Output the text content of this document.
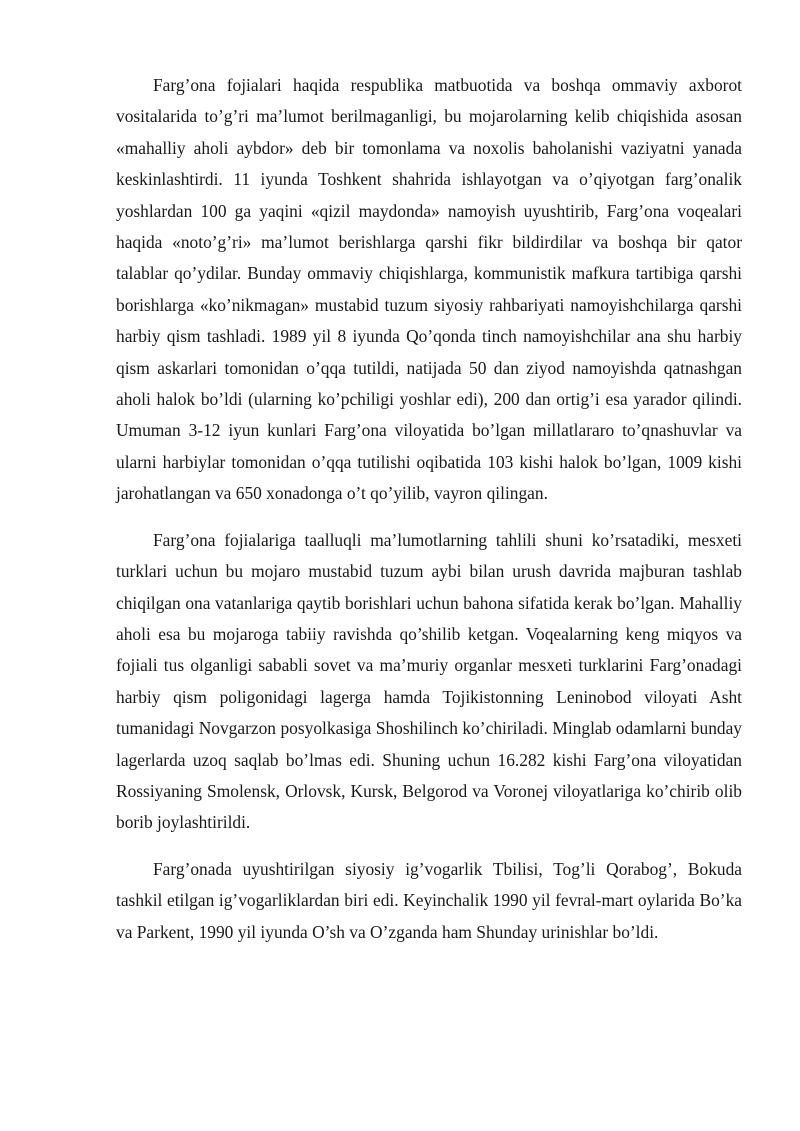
Farg’ona fojialari haqida respublika matbuotida va boshqa ommaviy axborot vositalarida to’g’ri ma’lumot berilmaganligi, bu mojarolarning kelib chiqishida asosan «mahalliy aholi aybdor» deb bir tomonlama va noxolis baholanishi vaziyatni yanada keskinlashtirdi. 11 iyunda Toshkent shahrida ishlayotgan va o’qiyotgan farg’onalik yoshlardan 100 ga yaqini «qizil maydonda» namoyish uyushtirib, Farg’ona voqealari haqida «noto’g’ri» ma’lumot berishlarga qarshi fikr bildirdilar va boshqa bir qator talablar qo’ydilar. Bunday ommaviy chiqishlarga, kommunistik mafkura tartibiga qarshi borishlarga «ko’nikmagan» mustabid tuzum siyosiy rahbariyati namoyishchilarga qarshi harbiy qism tashladi. 1989 yil 8 iyunda Qo’qonda tinch namoyishchilar ana shu harbiy qism askarlari tomonidan o’qqa tutildi, natijada 50 dan ziyod namoyishda qatnashgan aholi halok bo’ldi (ularning ko’pchiligi yoshlar edi), 200 dan ortig’i esa yarador qilindi. Umuman 3-12 iyun kunlari Farg’ona viloyatida bo’lgan millatlararo to’qnashuvlar va ularni harbiylar tomonidan o’qqa tutilishi oqibatida 103 kishi halok bo’lgan, 1009 kishi jarohatlangan va 650 xonadonga o’t qo’yilib, vayron qilingan.

Farg’ona fojialariga taalluqli ma’lumotlarning tahlili shuni ko’rsatadiki, mesxeti turklari uchun bu mojaro mustabid tuzum aybi bilan urush davrida majburan tashlab chiqilgan ona vatanlariga qaytib borishlari uchun bahona sifatida kerak bo’lgan. Mahalliy aholi esa bu mojaroga tabiiy ravishda qo’shilib ketgan. Voqealarning keng miqyos va fojiali tus olganligi sababli sovet va ma’muriy organlar mesxeti turklarini Farg’onadagi harbiy qism poligonidagi lagerga hamda Tojikistonning Leninobod viloyati Asht tumanidagi Novgarzon posyolkasiga Shoshilinch ko’chiriladi. Minglab odamlarni bunday lagerlarda uzoq saqlab bo’lmas edi. Shuning uchun 16.282 kishi Farg’ona viloyatidan Rossiyaning Smolensk, Orlovsk, Kursk, Belgorod va Voronej viloyatlariga ko’chirib olib borib joylashtirildi.

Farg’onada uyushtirilgan siyosiy ig’vogarlik Tbilisi, Tog’li Qorabog’, Bokuda tashkil etilgan ig’vogarliklardan biri edi. Keyinchalik 1990 yil fevral-mart oylarida Bo’ka va Parkent, 1990 yil iyunda O’sh va O’zganda ham Shunday urinishlar bo’ldi.
